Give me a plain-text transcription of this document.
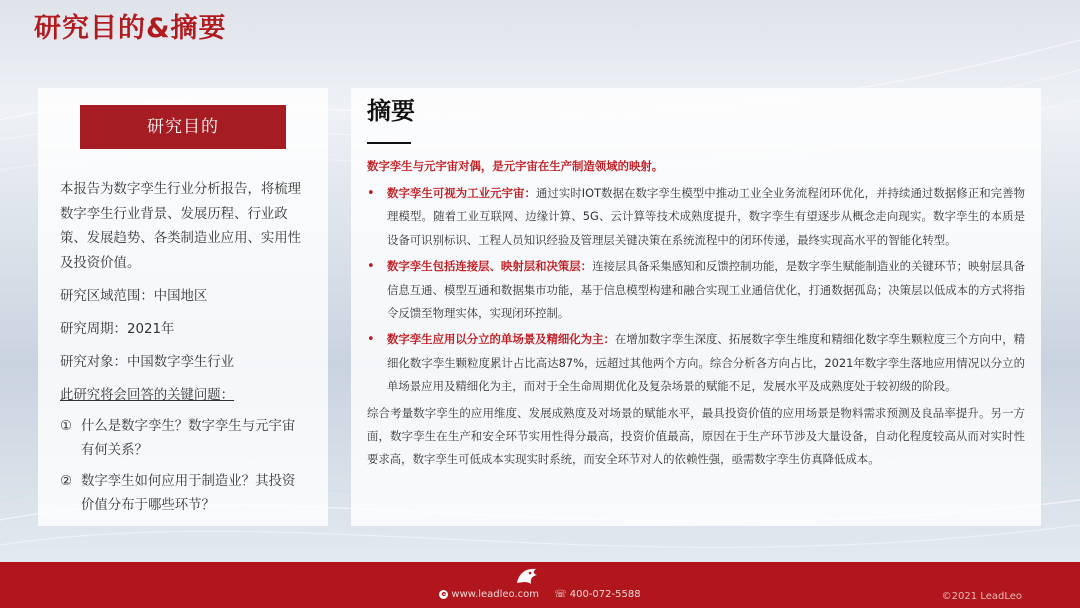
研究目的&摘要
研究目的
本报告为数字孪生行业分析报告，将梳理数字孪生行业背景、发展历程、行业政策、发展趋势、各类制造业应用、实用性及投资价值。
研究区域范围：中国地区
研究周期：2021年
研究对象：中国数字孪生行业
此研究将会回答的关键问题：
① 什么是数字孪生？数字孪生与元宇宙有何关系？
② 数字孪生如何应用于制造业？其投资价值分布于哪些环节？
摘要
数字孪生与元宇宙对偶，是元宇宙在生产制造领域的映射。
•	数字孪生可视为工业元宇宙：通过实时IOT数据在数字孪生模型中推动工业全业务流程闭环优化，并持续通过数据修正和完善物理模型。随着工业互联网、边缘计算、5G、云计算等技术成熟度提升，数字孪生有望逐步从概念走向现实。数字孪生的本质是设备可识别标识、工程人员知识经验及管理层关键决策在系统流程中的闭环传递，最终实现高水平的智能化转型。
•	数字孪生包括连接层、映射层和决策层：连接层具备采集感知和反馈控制功能，是数字孪生赋能制造业的关键环节；映射层具备信息互通、模型互通和数据集市功能，基于信息模型构建和融合实现工业通信优化，打通数据孤岛；决策层以低成本的方式将指令反馈至物理实体，实现闭环控制。
•	数字孪生应用以分立的单场景及精细化为主：在增加数字孪生深度、拓展数字孪生维度和精细化数字孪生颗粒度三个方向中，精细化数字孪生颗粒度累计占比高达87%，远超过其他两个方向。综合分析各方向占比，2021年数字孪生落地应用情况以分立的单场景应用及精细化为主，而对于全生命周期优化及复杂场景的赋能不足，发展水平及成熟度处于较初级的阶段。
综合考量数字孪生的应用维度、发展成熟度及对场景的赋能水平，最具投资价值的应用场景是物料需求预测及良品率提升。另一方面，数字孪生在生产和安全环节实用性得分最高，投资价值最高，原因在于生产环节涉及大量设备，自动化程度较高从而对实时性要求高，数字孪生可低成本实现实时系统，而安全环节对人的依赖性强，亟需数字孪生仿真降低成本。
e www.leadleo.com ☏ 400-072-5588	©2021 LeadLeo
